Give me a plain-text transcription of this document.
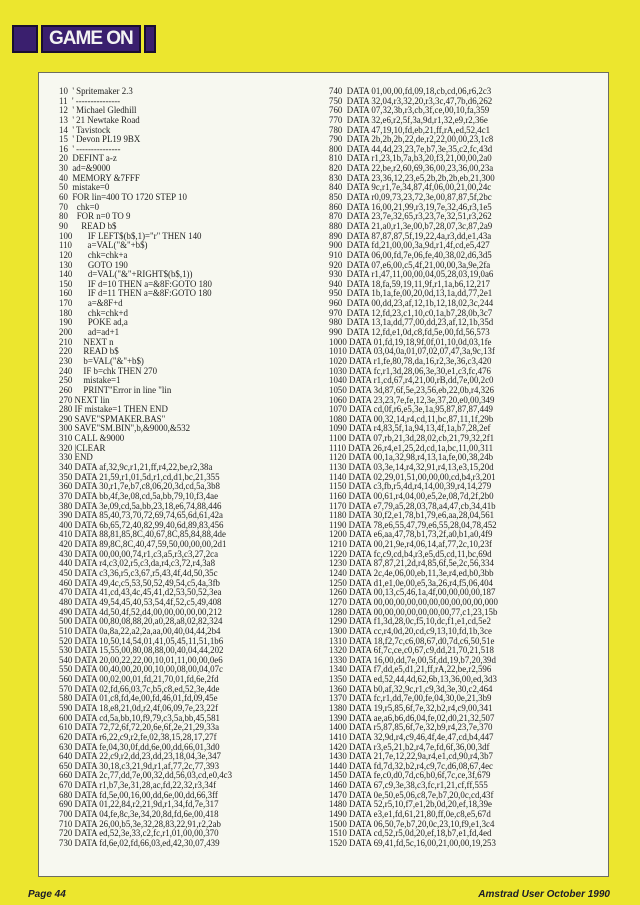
GAME ON
10  ' Spritemaker 2.3
11  ' ---------------
12  ' Michael Gledhill
13  ' 21 Newtake Road
14  ' Tavistock
15  ' Devon PL19 9BX
16  ' ---------------
20  DEFINT a-z
30  ad=&9000
40  MEMORY &7FFF
50  mistake=0
60  FOR lin=400 TO 1720 STEP 10
70    chk=0
80    FOR n=0 TO 9
90      READ b$
100       IF LEFT$(b$,1)="r" THEN 140
110       a=VAL("&"+b$)
120       chk=chk+a
130       GOTO 190
140       d=VAL("&"+RIGHT$(b$,1))
150       IF d=10 THEN a=&8F:GOTO 180
160       IF d=11 THEN a=&8F:GOTO 180
170       a=&8F+d
180       chk=chk+d
190       POKE ad,a
200       ad=ad+1
210     NEXT n
220     READ b$
230     b=VAL("&"+b$)
240     IF b=chk THEN 270
250     mistake=1
260     PRINT"Error in line "lin
270 NEXT lin
280 IF mistake=1 THEN END
290 SAVE"SPMAKER.BAS"
300 SAVE"SM.BIN",b,&9000,&532
310 CALL &9000
320 |CLEAR
330 END
340 DATA af,32,9c,r1,21,ff,r4,22,be,r2,38a
350 DATA 21,59,r1,01,5d,r1,cd,d1,bc,21,355
360 DATA 30,r1,7e,b7,c8,06,20,3d,cd,5a,3b8
370 DATA bb,4f,3e,08,cd,5a,bb,79,10,f3,4ae
380 DATA 3e,09,cd,5a,bb,23,18,e6,74,88,446
390 DATA 85,40,73,70,72,69,74,65,6d,61,42a
400 DATA 6b,65,72,40,82,99,40,6d,89,83,456
410 DATA 88,81,85,8C,40,67,8C,85,84,88,4de
420 DATA 89,8C,8C,40,47,59,50,00,00,00,2d1
430 DATA 00,00,00,74,r1,c3,a5,r3,c3,27,2ca
440 DATA r4,c3,02,r5,c3,da,r4,c3,72,r4,3a8
450 DATA c3,36,r5,c3,67,r5,43,4f,4d,50,35c
460 DATA 49,4c,c5,53,50,52,49,54,c5,4a,3fb
470 DATA 41,cd,43,4c,45,41,d2,53,50,52,3ea
480 DATA 49,54,45,40,53,54,4f,52,c5,49,408
490 DATA 4d,50,4f,52,d4,00,00,00,00,00,212
500 DATA 00,80,08,88,20,a0,28,a8,02,82,324
510 DATA 0a,8a,22,a2,2a,aa,00,40,04,44,2b4
520 DATA 10,50,14,54,01,41,05,45,11,51,1b6
530 DATA 15,55,00,80,08,88,00,40,04,44,202
540 DATA 20,00,22,22,00,10,01,11,00,00,0e6
550 DATA 00,40,00,20,00,10,00,08,00,04,07c
560 DATA 00,02,00,01,fd,21,70,01,fd,6e,2fd
570 DATA 02,fd,66,03,7c,b5,c8,ed,52,3e,4de
580 DATA 01,c8,fd,4e,00,fd,46,01,fd,09,45e
590 DATA 18,e8,21,0d,r2,4f,06,09,7e,23,22f
600 DATA cd,5a,bb,10,f9,79,c3,5a,bb,45,581
610 DATA 72,72,6f,72,20,6e,6f,2e,21,29,33a
620 DATA r6,22,c9,r2,fe,02,38,15,28,17,27f
630 DATA fe,04,30,0f,dd,6e,00,dd,66,01,3d0
640 DATA 22,c9,r2,dd,23,dd,23,18,04,3e,347
650 DATA 30,18,c3,21,9d,r1,af,77,2c,77,393
660 DATA 2c,77,dd,7e,00,32,dd,56,03,cd,e0,4c3
670 DATA r1,b7,3e,31,28,ac,fd,22,32,r3,34f
680 DATA fd,5e,00,16,00,dd,6e,00,dd,66,3ff
690 DATA 01,22,84,r2,21,9d,r1,34,fd,7e,317
700 DATA 04,fe,8c,3e,34,20,8d,fd,6e,00,418
710 DATA 26,00,b5,3e,32,28,83,22,91,r2,2ab
720 DATA ed,52,3e,33,c2,fc,r1,01,00,00,370
730 DATA fd,6e,02,fd,66,03,ed,42,30,07,439
740  DATA 01,00,00,fd,09,18,cb,cd,06,r6,2c3
750  DATA 32,04,r3,32,20,r3,3c,47,7b,d6,262
760  DATA 07,32,3b,r3,cb,3f,ce,00,10,fa,359
770  DATA 32,e6,r2,5f,3a,9d,r1,32,e9,r2,36e
780  DATA 47,19,10,fd,eb,21,ff,rA,ed,52,4c1
790  DATA 2b,2b,2b,22,de,r2,22,00,00,23,1c8
800  DATA 44,4d,23,23,7e,b7,3e,35,c2,fc,43d
810  DATA r1,23,1b,7a,b3,20,f3,21,00,00,2a0
820  DATA 22,be,r2,60,69,36,00,23,36,00,23a
830  DATA 23,36,12,23,e5,2b,2b,2b,eb,21,300
840  DATA 9c,r1,7e,34,87,4f,06,00,21,00,24c
850  DATA r0,09,73,23,72,3e,00,87,87,5f,2bc
860  DATA 16,00,21,99,r3,19,7e,32,46,r3,1e5
870  DATA 23,7e,32,65,r3,23,7e,32,51,r3,262
880  DATA 21,a0,r1,3e,00,b7,28,07,3c,87,2a9
890  DATA 87,87,87,5f,19,22,4a,r3,dd,e1,43a
900  DATA fd,21,00,00,3a,9d,r1,4f,cd,e5,427
910  DATA 06,00,fd,7e,06,fe,40,38,02,d6,3d5
920  DATA 07,e6,00,c5,4f,21,00,00,3a,9e,2fa
930  DATA r1,47,11,00,00,04,05,28,03,19,0a6
940  DATA 18,fa,59,19,11,9f,r1,1a,b6,12,217
950  DATA 1b,1a,fe,00,20,0d,13,1a,dd,77,2e1
960  DATA 00,dd,23,af,12,1b,12,18,02,3c,244
970  DATA 12,fd,23,c1,10,c0,1a,b7,28,0b,3c7
980  DATA 13,1a,dd,77,00,dd,23,af,12,1b,35d
990  DATA 12,fd,e1,0d,c8,fd,5e,00,fd,56,573
1000 DATA 01,fd,19,18,9f,0f,01,10,0d,03,1fe
1010 DATA 03,04,0a,01,07,02,07,47,3a,9c,13f
1020 DATA r1,fe,80,78,da,16,r2,3e,36,c3,420
1030 DATA fc,r1,3d,28,06,3e,30,e1,c3,fc,476
1040 DATA r1,cd,67,r4,21,00,rB,dd,7e,00,2c0
1050 DATA 3d,87,6f,5e,23,56,eb,22,0b,r4,326
1060 DATA 23,23,7e,fe,12,3e,37,20,e0,00,349
1070 DATA cd,0f,r6,e5,3e,1a,95,87,87,87,449
1080 DATA 00,32,14,r4,cd,11,bc,87,11,1f,29b
1090 DATA r4,83,5f,1a,94,13,4f,1a,b7,28,2ef
1100 DATA 07,rb,21,3d,28,02,cb,21,79,32,2f1
1110 DATA 26,r4,e1,25,2d,cd,1a,bc,11,00,311
1120 DATA 00,1a,32,98,r4,13,1a,fe,00,38,24b
1130 DATA 03,3e,14,r4,32,91,r4,13,e3,15,20d
1140 DATA 02,29,01,51,00,00,00,cd,b4,r3,201
1150 DATA c3,fb,r5,4d,r4,14,00,39,r4,14,279
1160 DATA 00,61,r4,04,00,e5,2e,08,7d,2f,2b0
1170 DATA e7,79,a5,28,03,78,a4,47,cb,34,41b
1180 DATA 30,f2,e1,78,b1,79,e6,aa,28,04,561
1190 DATA 78,e6,55,47,79,e6,55,28,04,78,452
1200 DATA e6,aa,47,78,b1,73,2f,a0,b1,a0,4f9
1210 DATA 00,21,9e,r4,06,14,af,77,2c,10,23f
1220 DATA fc,c9,cd,b4,r3,e5,d5,cd,11,bc,69d
1230 DATA 87,87,21,2d,r4,85,6f,5e,2c,56,334
1240 DATA 2c,4e,06,00,eb,11,3e,r4,ed,b0,3bb
1250 DATA d1,e1,0e,00,e5,3a,26,r4,f5,06,404
1260 DATA 00,13,c5,46,1a,4f,00,00,00,00,187
1270 DATA 00,00,00,00,00,00,00,00,00,00,000
1280 DATA 00,00,00,00,00,00,00,77,c1,23,15b
1290 DATA f1,3d,28,0c,f5,10,dc,f1,e1,cd,5e2
1300 DATA cc,r4,0d,20,cd,c9,13,10,fd,1b,3ce
1310 DATA 18,f2,7c,c6,08,67,d0,7d,c6,50,51e
1320 DATA 6f,7c,ce,c0,67,c9,dd,21,70,21,518
1330 DATA 16,00,dd,7e,00,5f,dd,19,b7,20,39d
1340 DATA f7,dd,e5,d1,21,ff,rA,22,be,r2,596
1350 DATA ed,52,44,4d,62,6b,13,36,00,ed,3d3
1360 DATA b0,af,32,9c,r1,c9,3d,3e,30,c2,464
1370 DATA fc,r1,dd,7e,00,fe,04,30,0e,21,3b9
1380 DATA 19,r5,85,6f,7e,32,b2,r4,c9,00,341
1390 DATA ae,a6,b6,d6,04,fe,02,d0,21,32,507
1400 DATA r5,87,85,6f,7e,32,b9,r4,23,7e,370
1410 DATA 32,9d,r4,c9,46,4f,4e,47,cd,b4,447
1420 DATA r3,e5,21,b2,r4,7e,fd,6f,36,00,3df
1430 DATA 21,7e,12,22,9a,r4,e1,cd,90,r4,3b7
1440 DATA fd,7d,32,b2,r4,c9,7c,d6,08,67,4ec
1450 DATA fe,c0,d0,7d,c6,b0,6f,7c,ce,3f,679
1460 DATA 67,c9,3e,38,c3,fc,r1,21,cf,ff,555
1470 DATA 0e,50,e5,06,c8,7e,b7,20,0c,cd,43f
1480 DATA 52,r5,10,f7,e1,2b,0d,20,ef,18,39e
1490 DATA e3,e1,fd,61,21,80,ff,0e,c8,e5,67d
1500 DATA 06,50,7e,b7,20,0c,23,10,f9,e1,3c4
1510 DATA cd,52,r5,0d,20,ef,18,b7,e1,fd,4ed
1520 DATA 69,41,fd,5c,16,00,21,00,00,19,253
Page 44	Amstrad User October 1990
